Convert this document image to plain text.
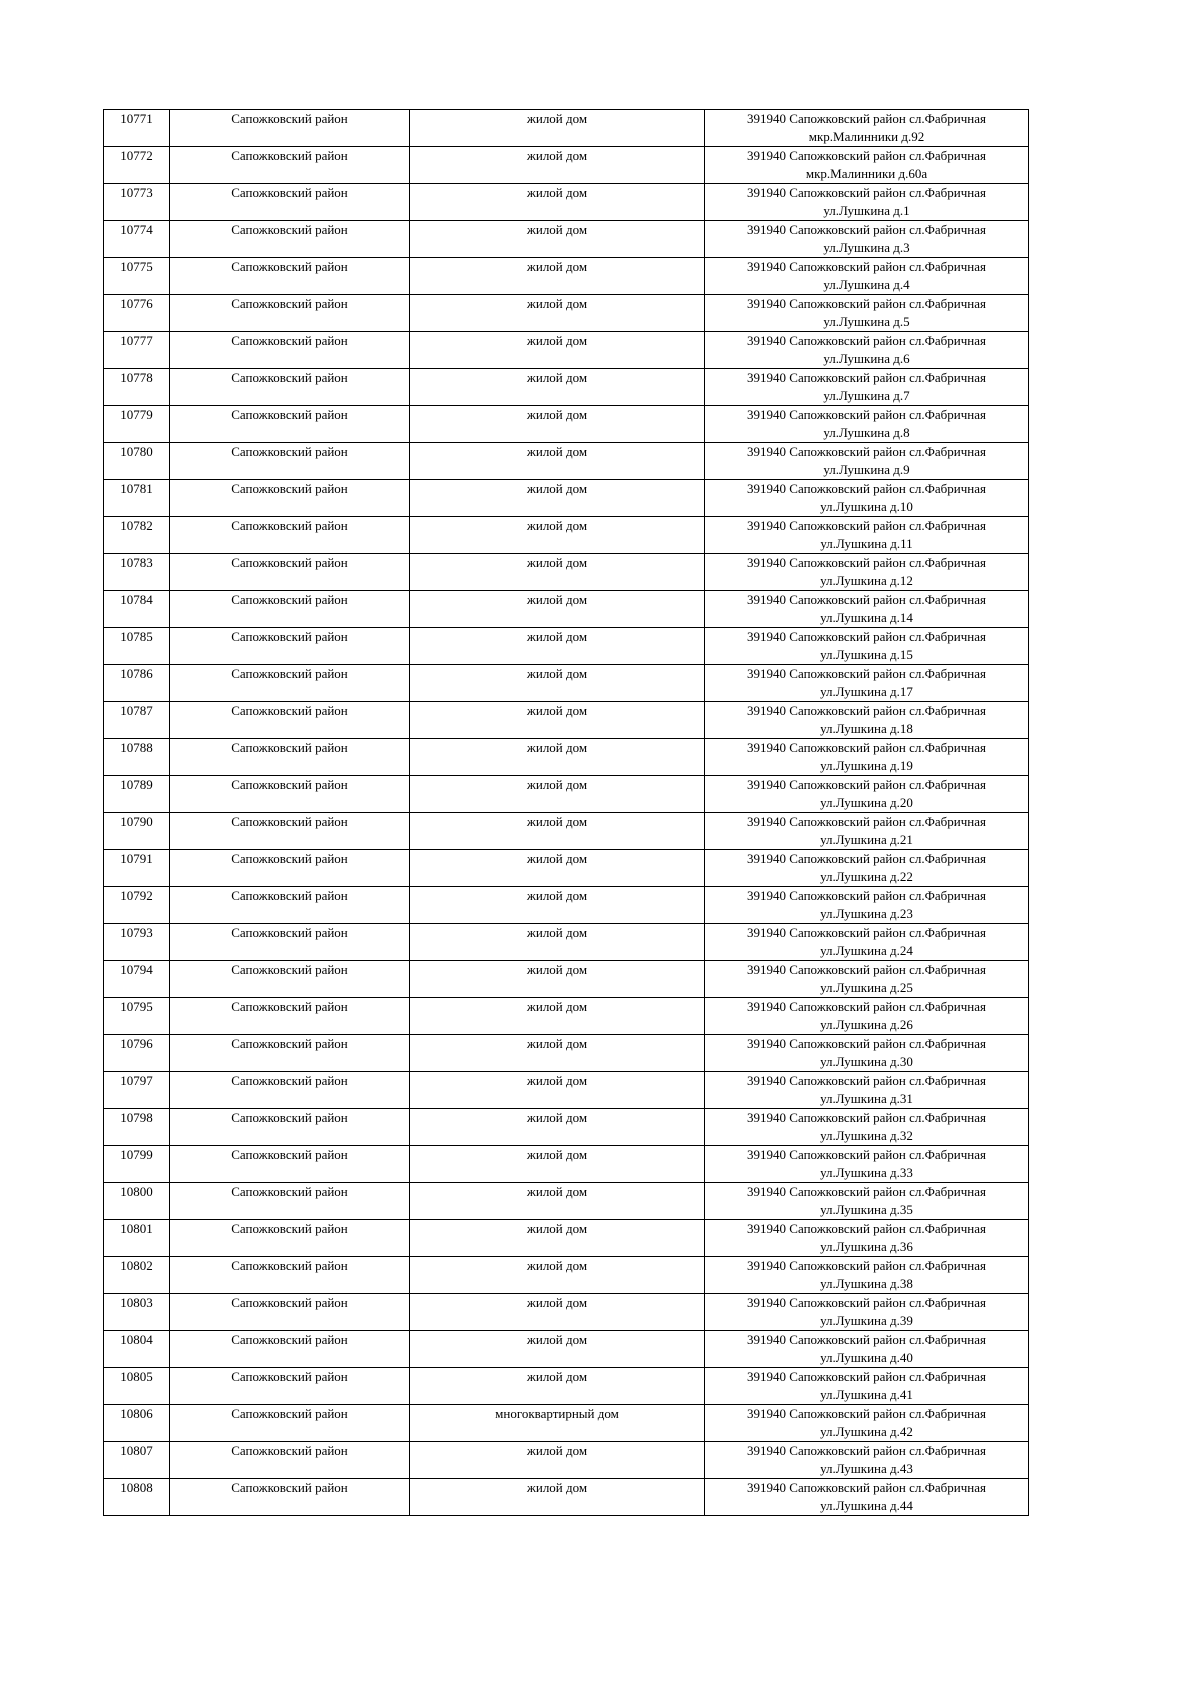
10771	Сапожковский район	жилой дом	391940 Сапожковский район сл.Фабричная
мкр.Малинники д.92

10772	Сапожковский район	жилой дом	391940 Сапожковский район сл.Фабричная
мкр.Малинники д.60а

10773	Сапожковский район	жилой дом	391940 Сапожковский район сл.Фабричная
ул.Лушкина д.1

10774	Сапожковский район	жилой дом	391940 Сапожковский район сл.Фабричная
ул.Лушкина д.3

10775	Сапожковский район	жилой дом	391940 Сапожковский район сл.Фабричная
ул.Лушкина д.4

10776	Сапожковский район	жилой дом	391940 Сапожковский район сл.Фабричная
ул.Лушкина д.5

10777	Сапожковский район	жилой дом	391940 Сапожковский район сл.Фабричная
ул.Лушкина д.6

10778	Сапожковский район	жилой дом	391940 Сапожковский район сл.Фабричная
ул.Лушкина д.7

10779	Сапожковский район	жилой дом	391940 Сапожковский район сл.Фабричная
ул.Лушкина д.8

10780	Сапожковский район	жилой дом	391940 Сапожковский район сл.Фабричная
ул.Лушкина д.9

10781	Сапожковский район	жилой дом	391940 Сапожковский район сл.Фабричная
ул.Лушкина д.10

10782	Сапожковский район	жилой дом	391940 Сапожковский район сл.Фабричная
ул.Лушкина д.11

10783	Сапожковский район	жилой дом	391940 Сапожковский район сл.Фабричная
ул.Лушкина д.12

10784	Сапожковский район	жилой дом	391940 Сапожковский район сл.Фабричная
ул.Лушкина д.14

10785	Сапожковский район	жилой дом	391940 Сапожковский район сл.Фабричная
ул.Лушкина д.15

10786	Сапожковский район	жилой дом	391940 Сапожковский район сл.Фабричная
ул.Лушкина д.17

10787	Сапожковский район	жилой дом	391940 Сапожковский район сл.Фабричная
ул.Лушкина д.18

10788	Сапожковский район	жилой дом	391940 Сапожковский район сл.Фабричная
ул.Лушкина д.19

10789	Сапожковский район	жилой дом	391940 Сапожковский район сл.Фабричная
ул.Лушкина д.20

10790	Сапожковский район	жилой дом	391940 Сапожковский район сл.Фабричная
ул.Лушкина д.21

10791	Сапожковский район	жилой дом	391940 Сапожковский район сл.Фабричная
ул.Лушкина д.22

10792	Сапожковский район	жилой дом	391940 Сапожковский район сл.Фабричная
ул.Лушкина д.23

10793	Сапожковский район	жилой дом	391940 Сапожковский район сл.Фабричная
ул.Лушкина д.24

10794	Сапожковский район	жилой дом	391940 Сапожковский район сл.Фабричная
ул.Лушкина д.25

10795	Сапожковский район	жилой дом	391940 Сапожковский район сл.Фабричная
ул.Лушкина д.26

10796	Сапожковский район	жилой дом	391940 Сапожковский район сл.Фабричная
ул.Лушкина д.30

10797	Сапожковский район	жилой дом	391940 Сапожковский район сл.Фабричная
ул.Лушкина д.31

10798	Сапожковский район	жилой дом	391940 Сапожковский район сл.Фабричная
ул.Лушкина д.32

10799	Сапожковский район	жилой дом	391940 Сапожковский район сл.Фабричная
ул.Лушкина д.33

10800	Сапожковский район	жилой дом	391940 Сапожковский район сл.Фабричная
ул.Лушкина д.35

10801	Сапожковский район	жилой дом	391940 Сапожковский район сл.Фабричная
ул.Лушкина д.36

10802	Сапожковский район	жилой дом	391940 Сапожковский район сл.Фабричная
ул.Лушкина д.38

10803	Сапожковский район	жилой дом	391940 Сапожковский район сл.Фабричная
ул.Лушкина д.39

10804	Сапожковский район	жилой дом	391940 Сапожковский район сл.Фабричная
ул.Лушкина д.40

10805	Сапожковский район	жилой дом	391940 Сапожковский район сл.Фабричная
ул.Лушкина д.41

10806	Сапожковский район	многоквартирный дом	391940 Сапожковский район сл.Фабричная
ул.Лушкина д.42

10807	Сапожковский район	жилой дом	391940 Сапожковский район сл.Фабричная
ул.Лушкина д.43

10808	Сапожковский район	жилой дом	391940 Сапожковский район сл.Фабричная
ул.Лушкина д.44
